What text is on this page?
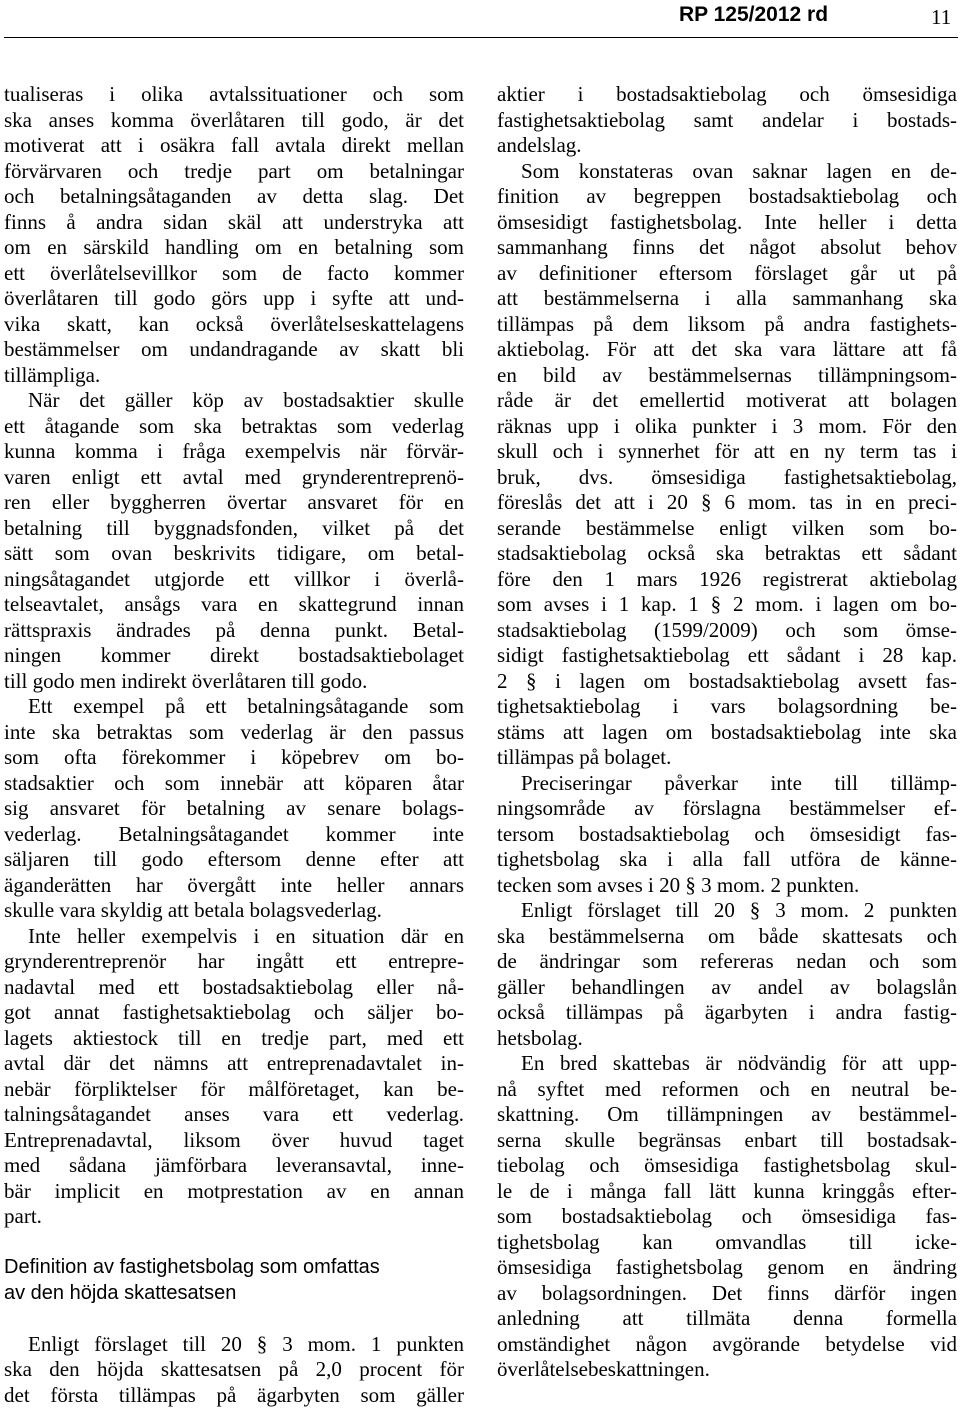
RP 125/2012 rd	11
tualiseras i olika avtalssituationer och som
ska anses komma överlåtaren till godo, är det
motiverat att i osäkra fall avtala direkt mellan
förvärvaren och tredje part om betalningar
och betalningsåtaganden av detta slag. Det
finns å andra sidan skäl att understryka att
om en särskild handling om en betalning som
ett överlåtelsevillkor som de facto kommer
överlåtaren till godo görs upp i syfte att und-
vika skatt, kan också överlåtelseskattelagens
bestämmelser om undandragande av skatt bli
tillämpliga.
När det gäller köp av bostadsaktier skulle
ett åtagande som ska betraktas som vederlag
kunna komma i fråga exempelvis när förvär-
varen enligt ett avtal med grynderentreprenö-
ren eller byggherren övertar ansvaret för en
betalning till byggnadsfonden, vilket på det
sätt som ovan beskrivits tidigare, om betal-
ningsåtagandet utgjorde ett villkor i överlå-
telseavtalet, ansågs vara en skattegrund innan
rättspraxis ändrades på denna punkt. Betal-
ningen kommer direkt bostadsaktiebolaget
till godo men indirekt överlåtaren till godo.
Ett exempel på ett betalningsåtagande som
inte ska betraktas som vederlag är den passus
som ofta förekommer i köpebrev om bo-
stadsaktier och som innebär att köparen åtar
sig ansvaret för betalning av senare bolags-
vederlag. Betalningsåtagandet kommer inte
säljaren till godo eftersom denne efter att
äganderätten har övergått inte heller annars
skulle vara skyldig att betala bolagsvederlag.
Inte heller exempelvis i en situation där en
grynderentreprenör har ingått ett entrepre-
nadavtal med ett bostadsaktiebolag eller nå-
got annat fastighetsaktiebolag och säljer bo-
lagets aktiestock till en tredje part, med ett
avtal där det nämns att entreprenadavtalet in-
nebär förpliktelser för målföretaget, kan be-
talningsåtagandet anses vara ett vederlag.
Entreprenadavtal, liksom över huvud taget
med sådana jämförbara leveransavtal, inne-
bär implicit en motprestation av en annan
part.
Definition av fastighetsbolag som omfattas
av den höjda skattesatsen
Enligt förslaget till 20 § 3 mom. 1 punkten
ska den höjda skattesatsen på 2,0 procent för
det första tillämpas på ägarbyten som gäller
aktier i bostadsaktiebolag och ömsesidiga
fastighetsaktiebolag samt andelar i bostads-
andelslag.
Som konstateras ovan saknar lagen en de-
finition av begreppen bostadsaktiebolag och
ömsesidigt fastighetsbolag. Inte heller i detta
sammanhang finns det något absolut behov
av definitioner eftersom förslaget går ut på
att bestämmelserna i alla sammanhang ska
tillämpas på dem liksom på andra fastighets-
aktiebolag. För att det ska vara lättare att få
en bild av bestämmelsernas tillämpningsom-
råde är det emellertid motiverat att bolagen
räknas upp i olika punkter i 3 mom. För den
skull och i synnerhet för att en ny term tas i
bruk, dvs. ömsesidiga fastighetsaktiebolag,
föreslås det att i 20 § 6 mom. tas in en preci-
serande bestämmelse enligt vilken som bo-
stadsaktiebolag också ska betraktas ett sådant
före den 1 mars 1926 registrerat aktiebolag
som avses i 1 kap. 1 § 2 mom. i lagen om bo-
stadsaktiebolag (1599/2009) och som ömse-
sidigt fastighetsaktiebolag ett sådant i 28 kap.
2 § i lagen om bostadsaktiebolag avsett fas-
tighetsaktiebolag i vars bolagsordning be-
stäms att lagen om bostadsaktiebolag inte ska
tillämpas på bolaget.
Preciseringar påverkar inte till tillämp-
ningsområde av förslagna bestämmelser ef-
tersom bostadsaktiebolag och ömsesidigt fas-
tighetsbolag ska i alla fall utföra de känne-
tecken som avses i 20 § 3 mom. 2 punkten.
Enligt förslaget till 20 § 3 mom. 2 punkten
ska bestämmelserna om både skattesats och
de ändringar som refereras nedan och som
gäller behandlingen av andel av bolagslån
också tillämpas på ägarbyten i andra fastig-
hetsbolag.
En bred skattebas är nödvändig för att upp-
nå syftet med reformen och en neutral be-
skattning. Om tillämpningen av bestämmel-
serna skulle begränsas enbart till bostadsak-
tiebolag och ömsesidiga fastighetsbolag skul-
le de i många fall lätt kunna kringgås efter-
som bostadsaktiebolag och ömsesidiga fas-
tighetsbolag kan omvandlas till icke-
ömsesidiga fastighetsbolag genom en ändring
av bolagsordningen. Det finns därför ingen
anledning att tillmäta denna formella
omständighet någon avgörande betydelse vid
överlåtelsebeskattningen.
